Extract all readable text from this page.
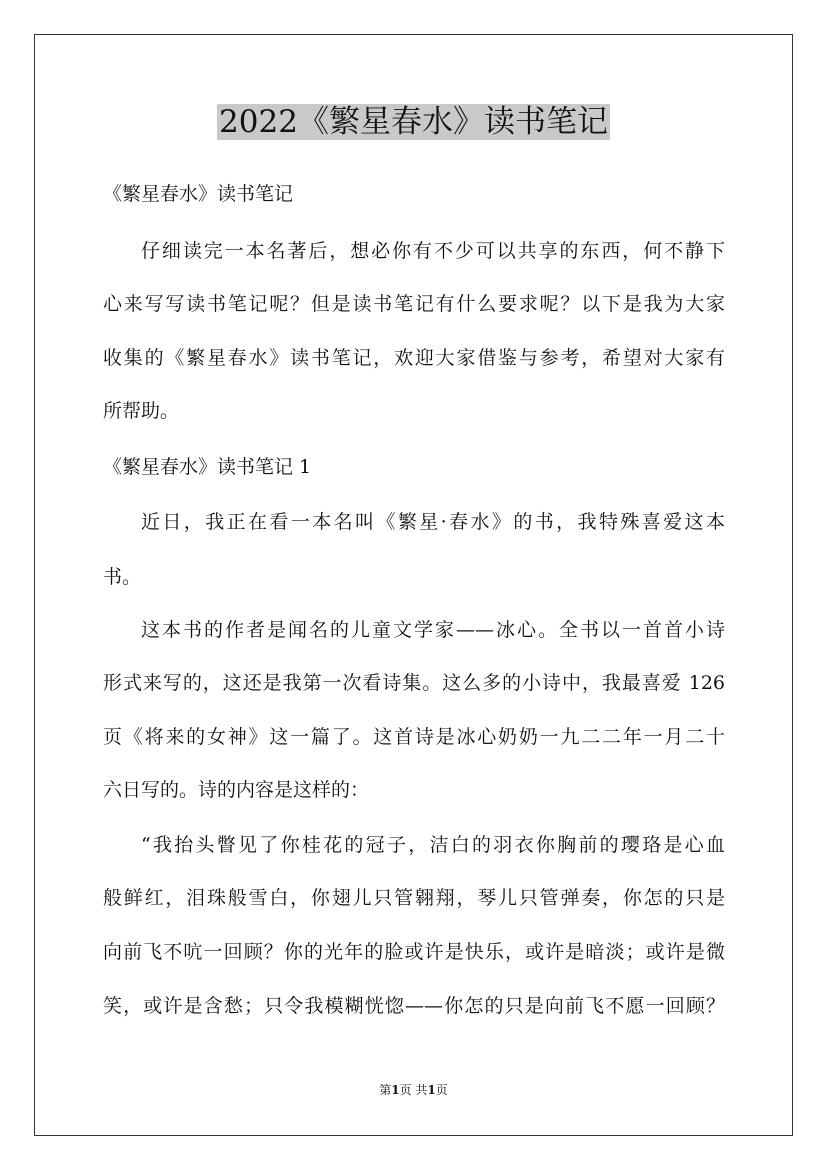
2022《繁星春水》读书笔记
《繁星春水》读书笔记
仔细读完一本名著后，想必你有不少可以共享的东西，何不静下
心来写写读书笔记呢？但是读书笔记有什么要求呢？以下是我为大家
收集的《繁星春水》读书笔记，欢迎大家借鉴与参考，希望对大家有
所帮助。
《繁星春水》读书笔记 1
近日，我正在看一本名叫《繁星·春水》的书，我特殊喜爱这本
书。
这本书的作者是闻名的儿童文学家——冰心。全书以一首首小诗
形式来写的，这还是我第一次看诗集。这么多的小诗中，我最喜爱 126
页《将来的女神》这一篇了。这首诗是冰心奶奶一九二二年一月二十
六日写的。诗的内容是这样的：
“我抬头瞥见了你桂花的冠子，洁白的羽衣你胸前的璎珞是心血
般鲜红，泪珠般雪白，你翅儿只管翱翔，琴儿只管弹奏，你怎的只是
向前飞不吭一回顾？你的光年的脸或许是快乐，或许是暗淡；或许是微
笑，或许是含愁；只令我模糊恍惚——你怎的只是向前飞不愿一回顾？
第1页 共1页
